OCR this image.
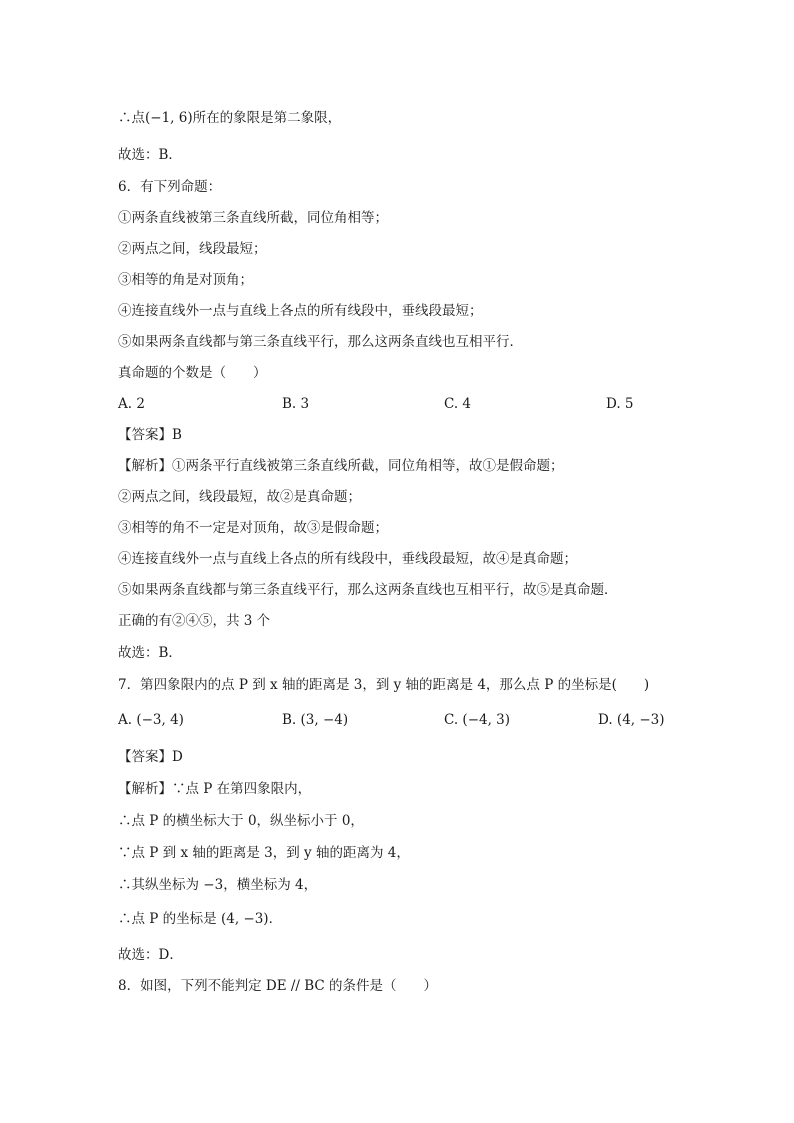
∴点(−1, 6)所在的象限是第二象限，
故选：B．
6．有下列命题：
①两条直线被第三条直线所截，同位角相等；
②两点之间，线段最短；
③相等的角是对顶角；
④连接直线外一点与直线上各点的所有线段中，垂线段最短；
⑤如果两条直线都与第三条直线平行，那么这两条直线也互相平行．
真命题的个数是（　　）
A. 2	B. 3	C. 4	D. 5
【答案】B
【解析】①两条平行直线被第三条直线所截，同位角相等，故①是假命题；
②两点之间，线段最短，故②是真命题；
③相等的角不一定是对顶角，故③是假命题；
④连接直线外一点与直线上各点的所有线段中，垂线段最短，故④是真命题；
⑤如果两条直线都与第三条直线平行，那么这两条直线也互相平行，故⑤是真命题．
正确的有②④⑤，共 3 个
故选：B．
7．第四象限内的点 P 到 x 轴的距离是 3，到 y 轴的距离是 4，那么点 P 的坐标是(　　)
A. (−3, 4)	B. (3, −4)	C. (−4, 3)	D. (4, −3)
【答案】D
【解析】∵点 P 在第四象限内，
∴点 P 的横坐标大于 0，纵坐标小于 0，
∵点 P 到 x 轴的距离是 3，到 y 轴的距离为 4，
∴其纵坐标为 −3，横坐标为 4，
∴点 P 的坐标是 (4, −3)．
故选：D．
8．如图，下列不能判定 DE // BC 的条件是（　　）
